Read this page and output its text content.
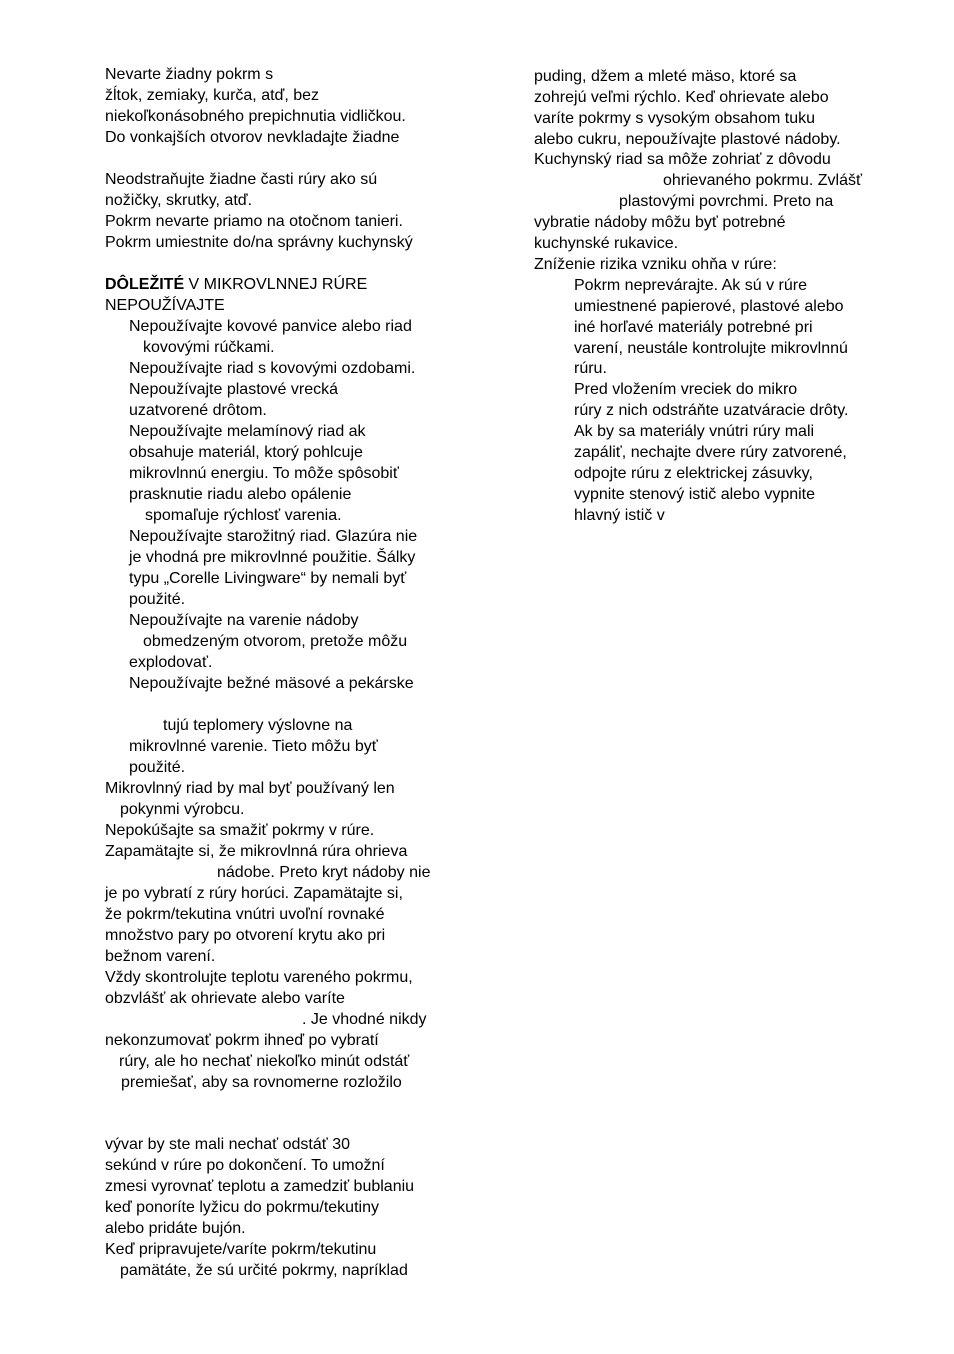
Nevarte žiadny pokrm s
žĺtok, zemiaky, kurča, atď, bez
niekoľkonásobného prepichnutia vidličkou.
Do vonkajších otvorov nevkladajte žiadne
Neodstraňujte žiadne časti rúry ako sú
nožičky, skrutky, atď.
Pokrm nevarte priamo na otočnom tanieri.
Pokrm umiestnite do/na správny kuchynský
DÔLEŽITÉ V MIKROVLNNEJ RÚRE
NEPOUŽÍVAJTE
Nepoužívajte kovové panvice alebo riad
kovovými rúčkami.
Nepoužívajte riad s kovovými ozdobami.
Nepoužívajte plastové vrecká
uzatvorené drôtom.
Nepoužívajte melamínový riad ak
obsahuje materiál, ktorý pohlcuje
mikrovlnnú energiu. To môže spôsobiť
prasknutie riadu alebo opálenie
spomaľuje rýchlosť varenia.
Nepoužívajte starožitný riad. Glazúra nie
je vhodná pre mikrovlnné použitie. Šálky
typu „Corelle Livingware“ by nemali byť
použité.
Nepoužívajte na varenie nádoby
obmedzeným otvorom, pretože môžu
explodovať.
Nepoužívajte bežné mäsové a pekárske
tujú teplomery výslovne na
mikrovlnné varenie. Tieto môžu byť
použité.
Mikrovlnný riad by mal byť používaný len
pokynmi výrobcu.
Nepokúšajte sa smažiť pokrmy v rúre.
Zapamätajte si, že mikrovlnná rúra ohrieva
nádobe. Preto kryt nádoby nie
je po vybratí z rúry horúci. Zapamätajte si,
že pokrm/tekutina vnútri uvoľní rovnaké
množstvo pary po otvorení krytu ako pri
bežnom varení.
Vždy skontrolujte teplotu vareného pokrmu,
obzvlášť ak ohrievate alebo varíte
. Je vhodné nikdy
nekonzumovať pokrm ihneď po vybratí
rúry, ale ho nechať niekoľko minút odstáť
premiešať, aby sa rovnomerne rozložilo
vývar by ste mali nechať odstáť 30
sekúnd v rúre po dokončení. To umožní
zmesi vyrovnať teplotu a zamedziť bublaniu
keď ponoríte lyžicu do pokrmu/tekutiny
alebo pridáte bujón.
Keď pripravujete/varíte pokrm/tekutinu
pamätáte, že sú určité pokrmy, napríklad
puding, džem a mleté mäso, ktoré sa
zohrejú veľmi rýchlo. Keď ohrievate alebo
varíte pokrmy s vysokým obsahom tuku
alebo cukru, nepoužívajte plastové nádoby.
Kuchynský riad sa môže zohriať z dôvodu
ohrievaného pokrmu. Zvlášť
plastovými povrchmi. Preto na
vybratie nádoby môžu byť potrebné
kuchynské rukavice.
Zníženie rizika vzniku ohňa v rúre:
Pokrm neprevárajte. Ak sú v rúre
umiestnené papierové, plastové alebo
iné horľavé materiály potrebné pri
varení, neustále kontrolujte mikrovlnnú
rúru.
Pred vložením vreciek do mikro
rúry z nich odstráňte uzatváracie drôty.
Ak by sa materiály vnútri rúry mali
zapáliť, nechajte dvere rúry zatvorené,
odpojte rúru z elektrickej zásuvky,
vypnite stenový istič alebo vypnite
hlavný istič v
